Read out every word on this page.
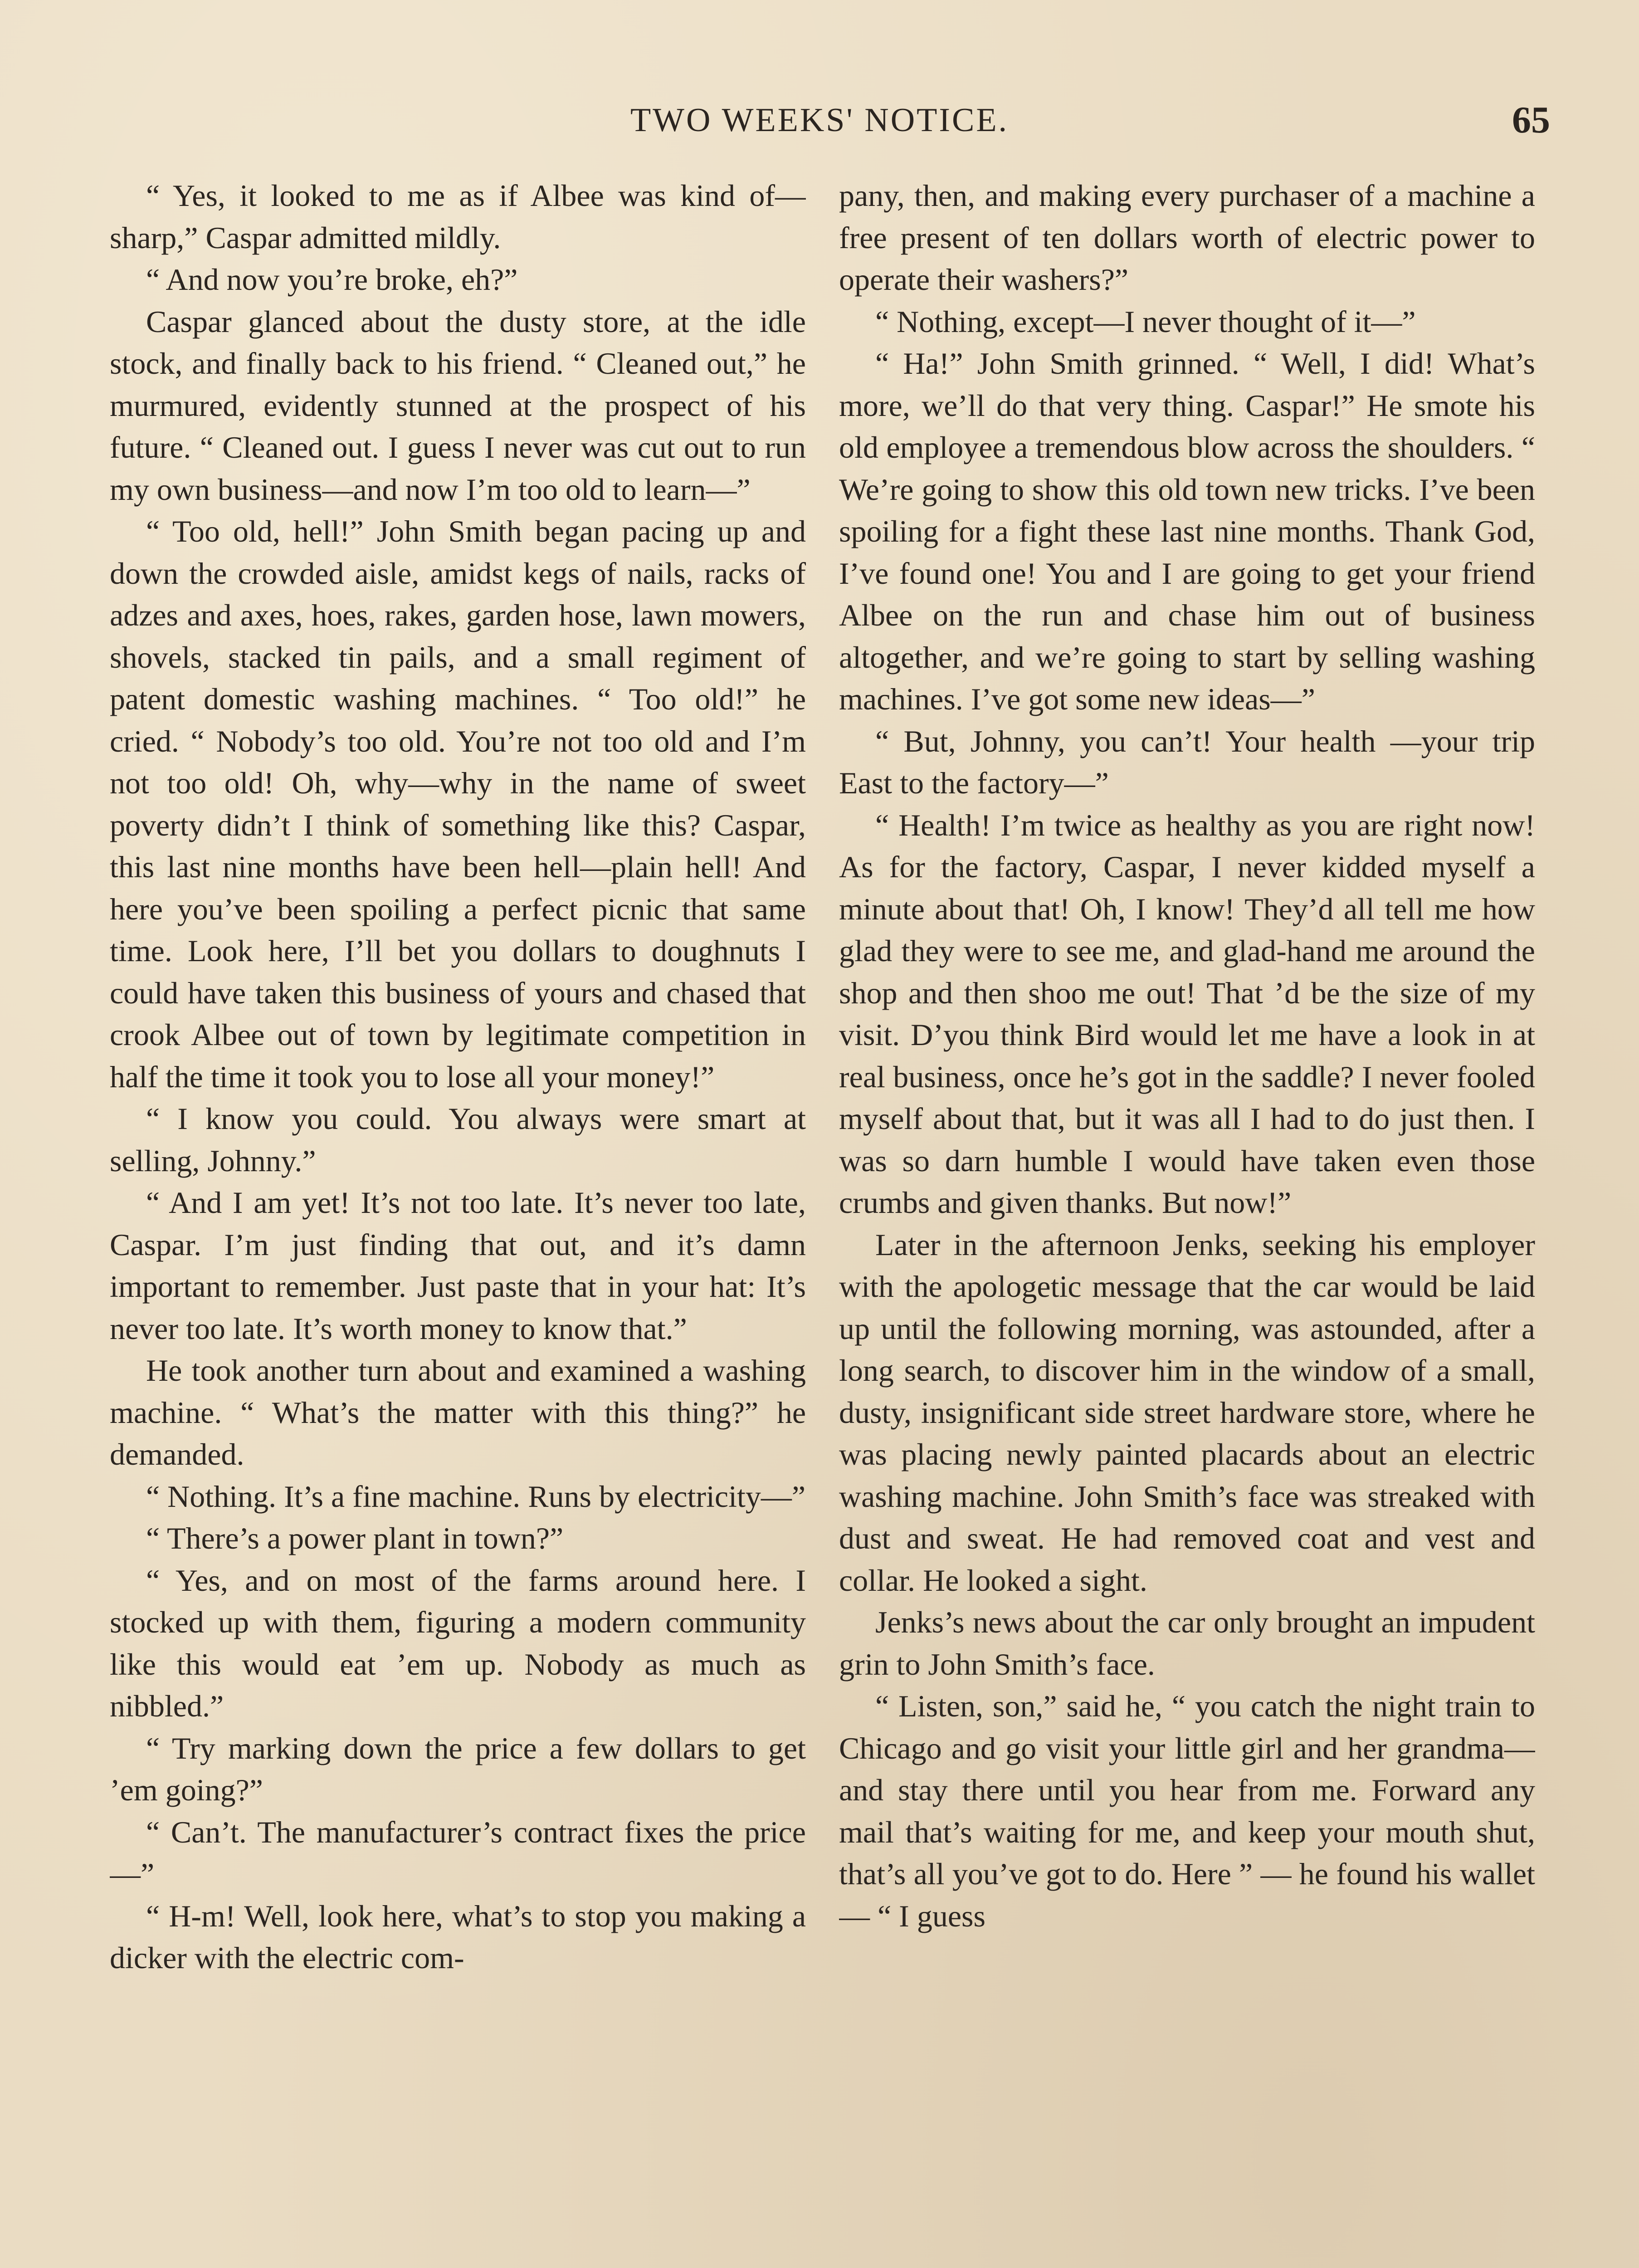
TWO WEEKS' NOTICE.	65

“ Yes, it looked to me as if Albee was kind of—sharp,” Caspar admitted mildly.

“ And now you’re broke, eh?”

Caspar glanced about the dusty store, at the idle stock, and finally back to his friend. “ Cleaned out,” he murmured, evidently stunned at the prospect of his future. “ Cleaned out. I guess I never was cut out to run my own business—and now I’m too old to learn—”

“ Too old, hell!” John Smith began pacing up and down the crowded aisle, amidst kegs of nails, racks of adzes and axes, hoes, rakes, garden hose, lawn mowers, shovels, stacked tin pails, and a small regiment of patent domestic washing machines. “ Too old!” he cried. “ Nobody’s too old. You’re not too old and I’m not too old! Oh, why—why in the name of sweet poverty didn’t I think of something like this? Caspar, this last nine months have been hell—plain hell! And here you’ve been spoiling a perfect picnic that same time. Look here, I’ll bet you dollars to doughnuts I could have taken this business of yours and chased that crook Albee out of town by legitimate competition in half the time it took you to lose all your money!”

“ I know you could. You always were smart at selling, Johnny.”

“ And I am yet! It’s not too late. It’s never too late, Caspar. I’m just finding that out, and it’s damn important to remember. Just paste that in your hat: It’s never too late. It’s worth money to know that.”

He took another turn about and examined a washing machine. “ What’s the matter with this thing?” he demanded.

“ Nothing. It’s a fine machine. Runs by electricity—”

“ There’s a power plant in town?”

“ Yes, and on most of the farms around here. I stocked up with them, figuring a modern community like this would eat ’em up. Nobody as much as nibbled.”

“ Try marking down the price a few dollars to get ’em going?”

“ Can’t. The manufacturer’s contract fixes the price—”

“ H-m! Well, look here, what’s to stop you making a dicker with the electric com-

pany, then, and making every purchaser of a machine a free present of ten dollars worth of electric power to operate their washers?”

“ Nothing, except—I never thought of it—”

“ Ha!” John Smith grinned. “ Well, I did! What’s more, we’ll do that very thing. Caspar!” He smote his old employee a tremendous blow across the shoulders. “ We’re going to show this old town new tricks. I’ve been spoiling for a fight these last nine months. Thank God, I’ve found one! You and I are going to get your friend Albee on the run and chase him out of business altogether, and we’re going to start by selling washing machines. I’ve got some new ideas—”

“ But, Johnny, you can’t! Your health —your trip East to the factory—”

“ Health! I’m twice as healthy as you are right now! As for the factory, Caspar, I never kidded myself a minute about that! Oh, I know! They’d all tell me how glad they were to see me, and glad-hand me around the shop and then shoo me out! That ’d be the size of my visit. D’you think Bird would let me have a look in at real business, once he’s got in the saddle? I never fooled myself about that, but it was all I had to do just then. I was so darn humble I would have taken even those crumbs and given thanks. But now!”

Later in the afternoon Jenks, seeking his employer with the apologetic message that the car would be laid up until the following morning, was astounded, after a long search, to discover him in the window of a small, dusty, insignificant side street hardware store, where he was placing newly painted placards about an electric washing machine. John Smith’s face was streaked with dust and sweat. He had removed coat and vest and collar. He looked a sight.

Jenks’s news about the car only brought an impudent grin to John Smith’s face.

“ Listen, son,” said he, “ you catch the night train to Chicago and go visit your little girl and her grandma—and stay there until you hear from me. Forward any mail that’s waiting for me, and keep your mouth shut, that’s all you’ve got to do. Here ” — he found his wallet — “ I guess
